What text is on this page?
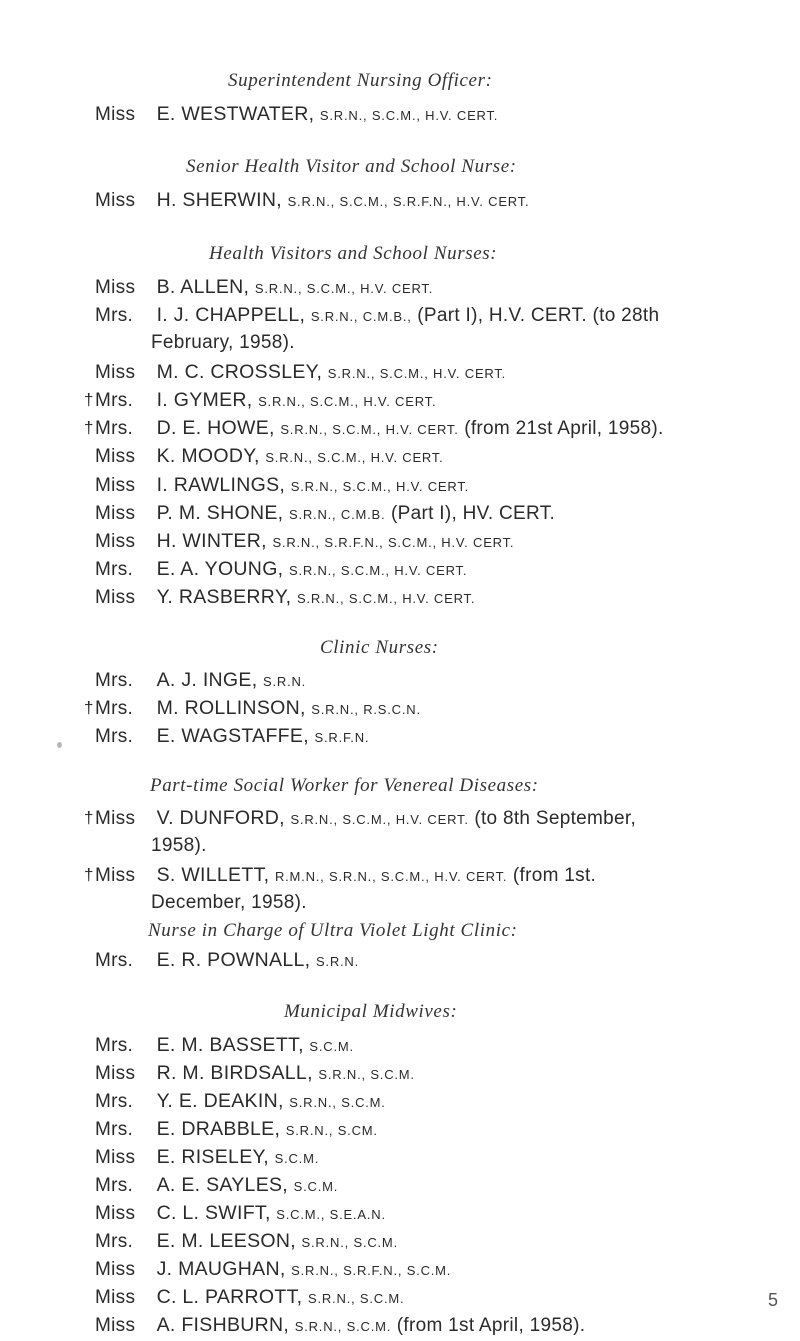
Superintendent Nursing Officer:
Miss E. WESTWATER, S.R.N., S.C.M., H.V. CERT.
Senior Health Visitor and School Nurse:
Miss H. SHERWIN, S.R.N., S.C.M., S.R.F.N., H.V. CERT.
Health Visitors and School Nurses:
Miss B. ALLEN, S.R.N., S.C.M., H.V. CERT.
Mrs. I. J. CHAPPELL, S.R.N., C.M.B., (Part I), H.V. CERT. (to 28th
February, 1958).
Miss M. C. CROSSLEY, S.R.N., S.C.M., H.V. CERT.
† Mrs. I. GYMER, S.R.N., S.C.M., H.V. CERT.
† Mrs. D. E. HOWE, S.R.N., S.C.M., H.V. CERT. (from 21st April, 1958).
Miss K. MOODY, S.R.N., S.C.M., H.V. CERT.
Miss I. RAWLINGS, S.R.N., S.C.M., H.V. CERT.
Miss P. M. SHONE, S.R.N., C.M.B. (Part I), HV. CERT.
Miss H. WINTER, S.R.N., S.R.F.N., S.C.M., H.V. CERT.
Mrs. E. A. YOUNG, S.R.N., S.C.M., H.V. CERT.
Miss Y. RASBERRY, S.R.N., S.C.M., H.V. CERT.
Clinic Nurses:
Mrs. A. J. INGE, S.R.N.
† Mrs. M. ROLLINSON, S.R.N., R.S.C.N.
Mrs. E. WAGSTAFFE, S.R.F.N.
Part-time Social Worker for Venereal Diseases:
† Miss V. DUNFORD, S.R.N., S.C.M., H.V. CERT. (to 8th September,
1958).
† Miss S. WILLETT, R.M.N., S.R.N., S.C.M., H.V. CERT. (from 1st.
December, 1958).
Nurse in Charge of Ultra Violet Light Clinic:
Mrs. E. R. POWNALL, S.R.N.
Municipal Midwives:
Mrs. E. M. BASSETT, S.C.M.
Miss R. M. BIRDSALL, S.R.N., S.C.M.
Mrs. Y. E. DEAKIN, S.R.N., S.C.M.
Mrs. E. DRABBLE, S.R.N., S.CM.
Miss E. RISELEY, S.C.M.
Mrs. A. E. SAYLES, S.C.M.
Miss C. L. SWIFT, S.C.M., S.E.A.N.
Mrs. E. M. LEESON, S.R.N., S.C.M.
Miss J. MAUGHAN, S.R.N., S.R.F.N., S.C.M.
Miss C. L. PARROTT, S.R.N., S.C.M.
Miss A. FISHBURN, S.R.N., S.C.M. (from 1st April, 1958).
5
